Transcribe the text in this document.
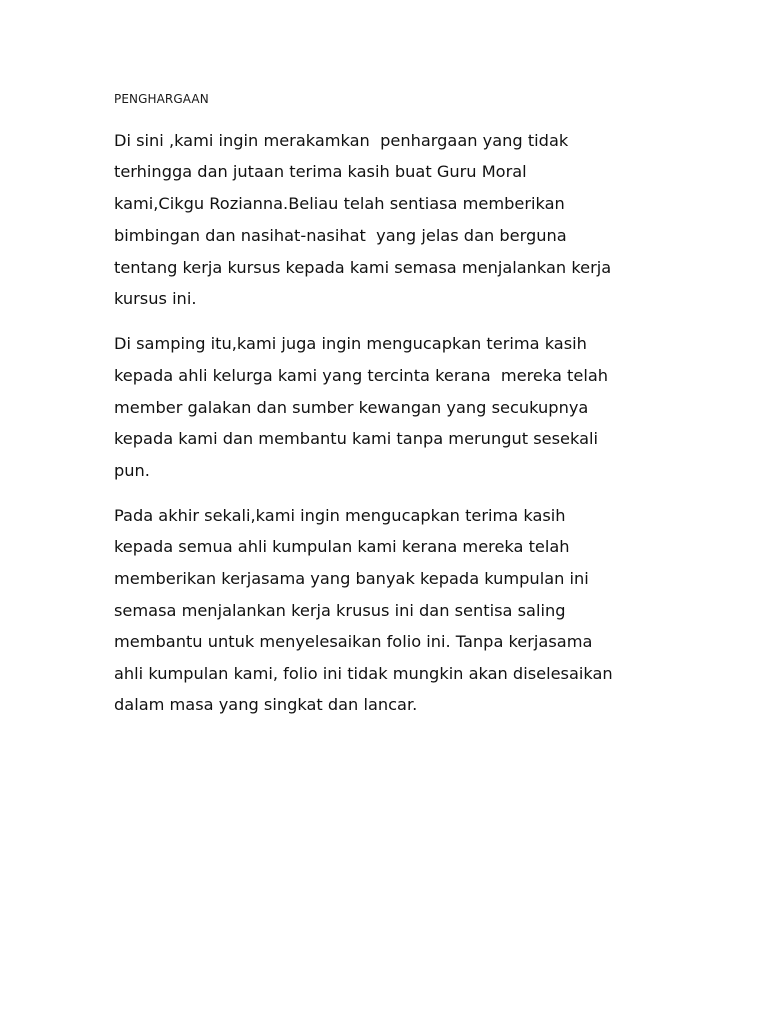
PENGHARGAAN
Di sini ,kami ingin merakamkan  penhargaan yang tidak
terhingga dan jutaan terima kasih buat Guru Moral
kami,Cikgu Rozianna.Beliau telah sentiasa memberikan
bimbingan dan nasihat-nasihat  yang jelas dan berguna
tentang kerja kursus kepada kami semasa menjalankan kerja
kursus ini.
Di samping itu,kami juga ingin mengucapkan terima kasih
kepada ahli kelurga kami yang tercinta kerana  mereka telah
member galakan dan sumber kewangan yang secukupnya
kepada kami dan membantu kami tanpa merungut sesekali
pun.
Pada akhir sekali,kami ingin mengucapkan terima kasih
kepada semua ahli kumpulan kami kerana mereka telah
memberikan kerjasama yang banyak kepada kumpulan ini
semasa menjalankan kerja krusus ini dan sentisa saling
membantu untuk menyelesaikan folio ini. Tanpa kerjasama
ahli kumpulan kami, folio ini tidak mungkin akan diselesaikan
dalam masa yang singkat dan lancar.
